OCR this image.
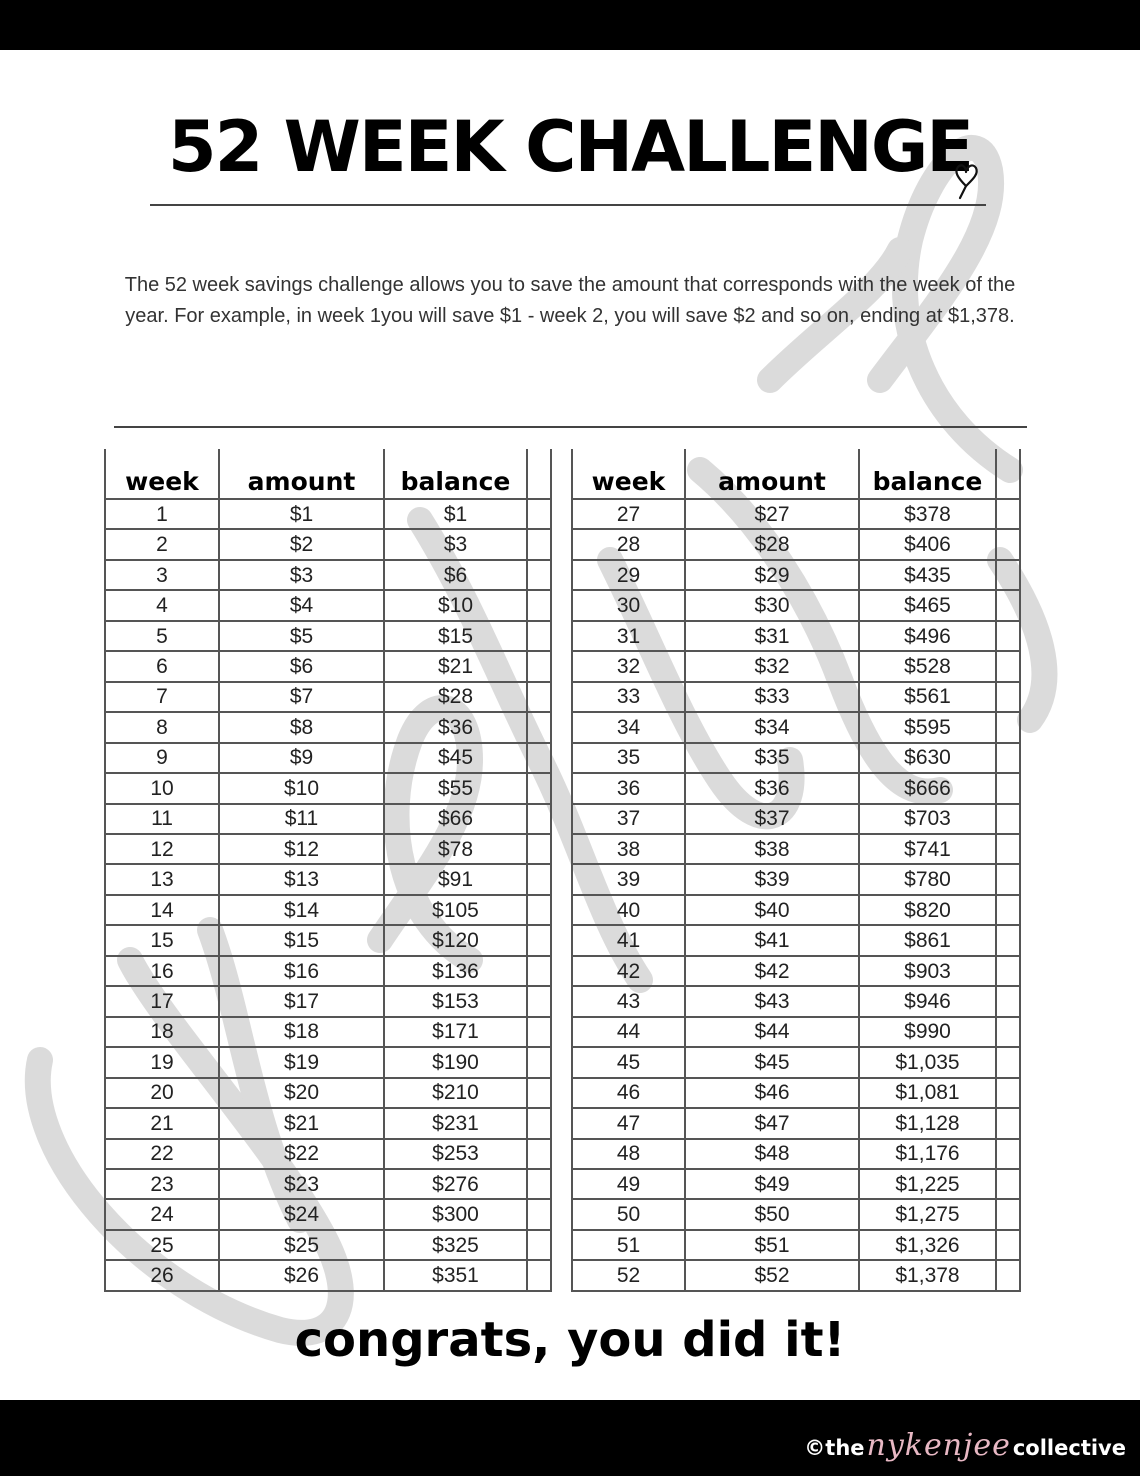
52 WEEK CHALLENGE
The 52 week savings challenge allows you to save the amount that corresponds with the week of the year. For example, in week 1you will save $1 - week 2, you will save $2 and so on, ending at $1,378.
week	amount	balance	
1	$1	$1	
2	$2	$3	
3	$3	$6	
4	$4	$10	
5	$5	$15	
6	$6	$21	
7	$7	$28	
8	$8	$36	
9	$9	$45	
10	$10	$55	
11	$11	$66	
12	$12	$78	
13	$13	$91	
14	$14	$105	
15	$15	$120	
16	$16	$136	
17	$17	$153	
18	$18	$171	
19	$19	$190	
20	$20	$210	
21	$21	$231	
22	$22	$253	
23	$23	$276	
24	$24	$300	
25	$25	$325	
26	$26	$351	
week	amount	balance	
27	$27	$378	
28	$28	$406	
29	$29	$435	
30	$30	$465	
31	$31	$496	
32	$32	$528	
33	$33	$561	
34	$34	$595	
35	$35	$630	
36	$36	$666	
37	$37	$703	
38	$38	$741	
39	$39	$780	
40	$40	$820	
41	$41	$861	
42	$42	$903	
43	$43	$946	
44	$44	$990	
45	$45	$1,035	
46	$46	$1,081	
47	$47	$1,128	
48	$48	$1,176	
49	$49	$1,225	
50	$50	$1,275	
51	$51	$1,326	
52	$52	$1,378	
congrats, you did it!
©the nykenjee collective
